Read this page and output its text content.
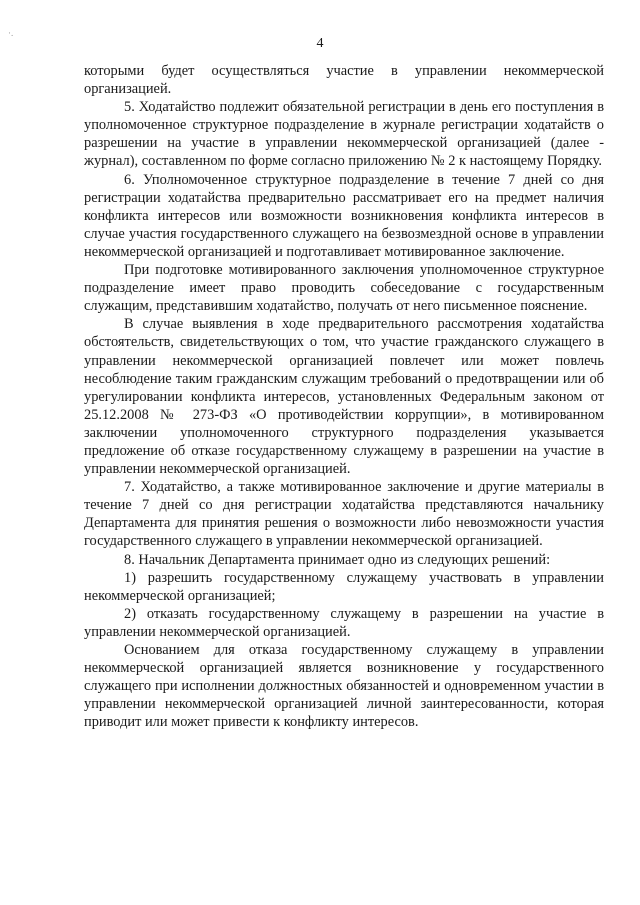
·.
4

которыми будет осуществляться участие в управлении некоммерческой организацией.

5. Ходатайство подлежит обязательной регистрации в день его поступления в уполномоченное структурное подразделение в журнале регистрации ходатайств о разрешении на участие в управлении некоммерческой организацией (далее - журнал), составленном по форме согласно приложению № 2 к настоящему Порядку.

6. Уполномоченное структурное подразделение в течение 7 дней со дня регистрации ходатайства предварительно рассматривает его на предмет наличия конфликта интересов или возможности возникновения конфликта интересов в случае участия государственного служащего на безвозмездной основе в управлении некоммерческой организацией и подготавливает мотивированное заключение.

При подготовке мотивированного заключения уполномоченное структурное подразделение имеет право проводить собеседование с государственным служащим, представившим ходатайство, получать от него письменное пояснение.

В случае выявления в ходе предварительного рассмотрения ходатайства обстоятельств, свидетельствующих о том, что участие гражданского служащего в управлении некоммерческой организацией повлечет или может повлечь несоблюдение таким гражданским служащим требований о предотвращении или об урегулировании конфликта интересов, установленных Федеральным законом от 25.12.2008 № 273-ФЗ «О противодействии коррупции», в мотивированном заключении уполномоченного структурного подразделения указывается предложение об отказе государственному служащему в разрешении на участие в управлении некоммерческой организацией.

7. Ходатайство, а также мотивированное заключение и другие материалы в течение 7 дней со дня регистрации ходатайства представляются начальнику Департамента для принятия решения о возможности либо невозможности участия государственного служащего в управлении некоммерческой организацией.

8. Начальник Департамента принимает одно из следующих решений:

1) разрешить государственному служащему участвовать в управлении некоммерческой организацией;

2) отказать государственному служащему в разрешении на участие в управлении некоммерческой организацией.

Основанием для отказа государственному служащему в управлении некоммерческой организацией является возникновение у государственного служащего при исполнении должностных обязанностей и одновременном участии в управлении некоммерческой организацией личной заинтересованности, которая приводит или может привести к конфликту интересов.
